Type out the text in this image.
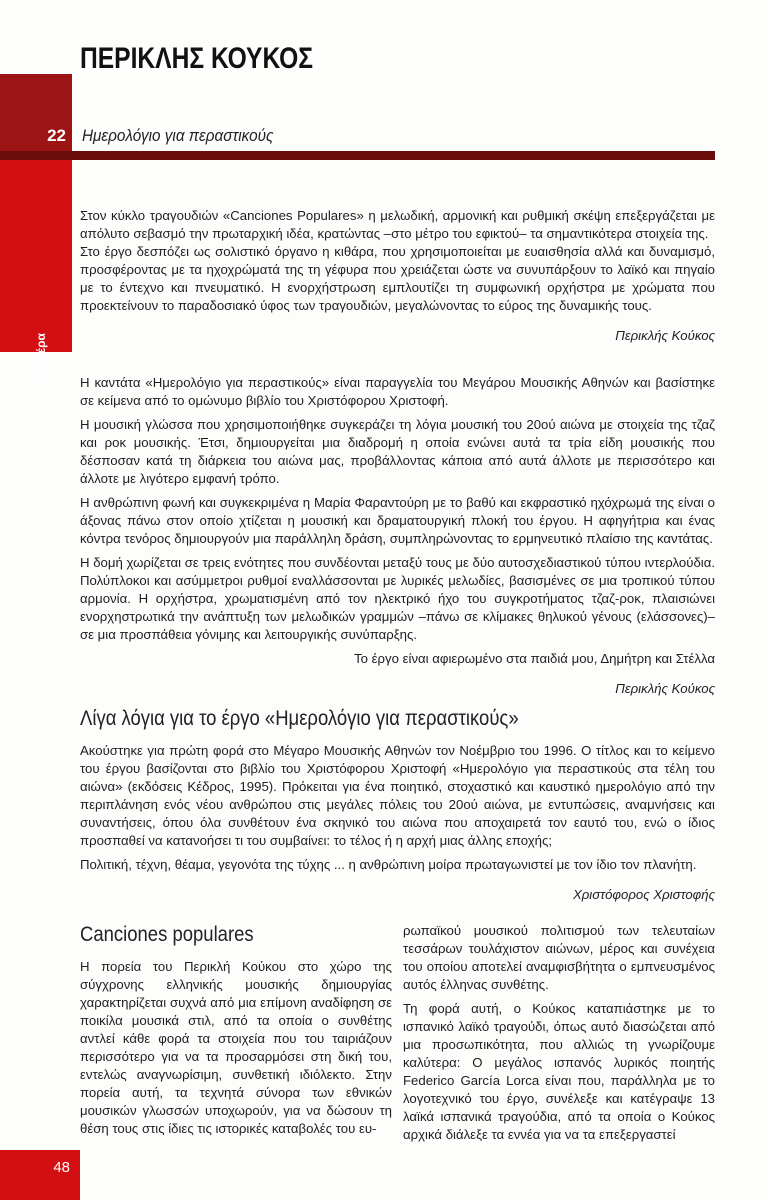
22
Δευτέρα
ΠΕΡΙΚΛΗΣ ΚΟΥΚΟΣ
Ημερολόγιο για περαστικούς

Στον κύκλο τραγουδιών «Canciones Populares» η μελωδική, αρμονική και ρυθμική σκέψη επεξεργάζεται με απόλυτο σεβασμό την πρωταρχική ιδέα, κρατώντας –στο μέτρο του εφικτού– τα σημαντικότερα στοιχεία της.

Στο έργο δεσπόζει ως σολιστικό όργανο η κιθάρα, που χρησιμοποιείται με ευαισθησία αλλά και δυναμισμό, προσφέροντας με τα ηχοχρώματά της τη γέφυρα που χρειάζεται ώστε να συνυπάρξουν το λαϊκό και πηγαίο με το έντεχνο και πνευματικό. Η ενορχήστρωση εμπλουτίζει τη συμφωνική ορχήστρα με χρώματα που προεκτείνουν το παραδοσιακό ύφος των τραγουδιών, μεγαλώνοντας το εύρος της δυναμικής τους.

Περικλής Κούκος

Η καντάτα «Ημερολόγιο για περαστικούς» είναι παραγγελία του Μεγάρου Μουσικής Αθηνών και βασίστηκε σε κείμενα από το ομώνυμο βιβλίο του Χριστόφορου Χριστοφή.

Η μουσική γλώσσα που χρησιμοποιήθηκε συγκεράζει τη λόγια μουσική του 20ού αιώνα με στοιχεία της τζαζ και ροκ μουσικής. Έτσι, δημιουργείται μια διαδρομή η οποία ενώνει αυτά τα τρία είδη μουσικής που δέσποσαν κατά τη διάρκεια του αιώνα μας, προβάλλοντας κάποια από αυτά άλλοτε με περισσότερο και άλλοτε με λιγότερο εμφανή τρόπο.

Η ανθρώπινη φωνή και συγκεκριμένα η Μαρία Φαραντούρη με το βαθύ και εκφραστικό ηχόχρωμά της είναι ο άξονας πάνω στον οποίο χτίζεται η μουσική και δραματουργική πλοκή του έργου. Η αφηγήτρια και ένας κόντρα τενόρος δημιουργούν μια παράλληλη δράση, συμπληρώνοντας το ερμηνευτικό πλαίσιο της καντάτας.

Η δομή χωρίζεται σε τρεις ενότητες που συνδέονται μεταξύ τους με δύο αυτοσχεδιαστικού τύπου ιντερλούδια. Πολύπλοκοι και ασύμμετροι ρυθμοί εναλλάσσονται με λυρικές μελωδίες, βασισμένες σε μια τροπικού τύπου αρμονία. Η ορχήστρα, χρωματισμένη από τον ηλεκτρικό ήχο του συγκροτήματος τζαζ-ροκ, πλαισιώνει ενορχηστρωτικά την ανάπτυξη των μελωδικών γραμμών –πάνω σε κλίμακες θηλυκού γένους (ελάσσονες)– σε μια προσπάθεια γόνιμης και λειτουργικής συνύπαρξης.

Το έργο είναι αφιερωμένο στα παιδιά μου, Δημήτρη και Στέλλα

Περικλής Κούκος

Λίγα λόγια για το έργο «Ημερολόγιο για περαστικούς»

Ακούστηκε για πρώτη φορά στο Μέγαρο Μουσικής Αθηνών τον Νοέμβριο του 1996. Ο τίτλος και το κείμενο του έργου βασίζονται στο βιβλίο του Χριστόφορου Χριστοφή «Ημερολόγιο για περαστικούς στα τέλη του αιώνα» (εκδόσεις Κέδρος, 1995). Πρόκειται για ένα ποιητικό, στοχαστικό και καυστικό ημερολόγιο από την περιπλάνηση ενός νέου ανθρώπου στις μεγάλες πόλεις του 20ού αιώνα, με εντυπώσεις, αναμνήσεις και συναντήσεις, όπου όλα συνθέτουν ένα σκηνικό του αιώνα που αποχαιρετά τον εαυτό του, ενώ ο ίδιος προσπαθεί να κατανοήσει τι του συμβαίνει: το τέλος ή η αρχή μιας άλλης εποχής;

Πολιτική, τέχνη, θέαμα, γεγονότα της τύχης ... η ανθρώπινη μοίρα πρωταγωνιστεί με τον ίδιο τον πλανήτη.

Χριστόφορος Χριστοφής

Canciones populares

Η πορεία του Περικλή Κούκου στο χώρο της σύγχρονης ελληνικής μουσικής δημιουργίας χαρακτηρίζεται συχνά από μια επίμονη αναδίφηση σε ποικίλα μουσικά στιλ, από τα οποία ο συνθέτης αντλεί κάθε φορά τα στοιχεία που του ταιριάζουν περισσότερο για να τα προσαρμόσει στη δική του, εντελώς αναγνωρίσιμη, συνθετική ιδιόλεκτο. Στην πορεία αυτή, τα τεχνητά σύνορα των εθνικών μουσικών γλωσσών υποχωρούν, για να δώσουν τη θέση τους στις ίδιες τις ιστορικές καταβολές του ευ-

ρωπαϊκού μουσικού πολιτισμού των τελευταίων τεσσάρων τουλάχιστον αιώνων, μέρος και συνέχεια του οποίου αποτελεί αναμφισβήτητα ο εμπνευσμένος αυτός έλληνας συνθέτης.

Τη φορά αυτή, ο Κούκος καταπιάστηκε με το ισπανικό λαϊκό τραγούδι, όπως αυτό διασώζεται από μια προσωπικότητα, που αλλιώς τη γνωρίζουμε καλύτερα: Ο μεγάλος ισπανός λυρικός ποιητής Federico García Lorca είναι που, παράλληλα με το λογοτεχνικό του έργο, συνέλεξε και κατέγραψε 13 λαϊκά ισπανικά τραγούδια, από τα οποία ο Κούκος αρχικά διάλεξε τα εννέα για να τα επεξεργαστεί

48
